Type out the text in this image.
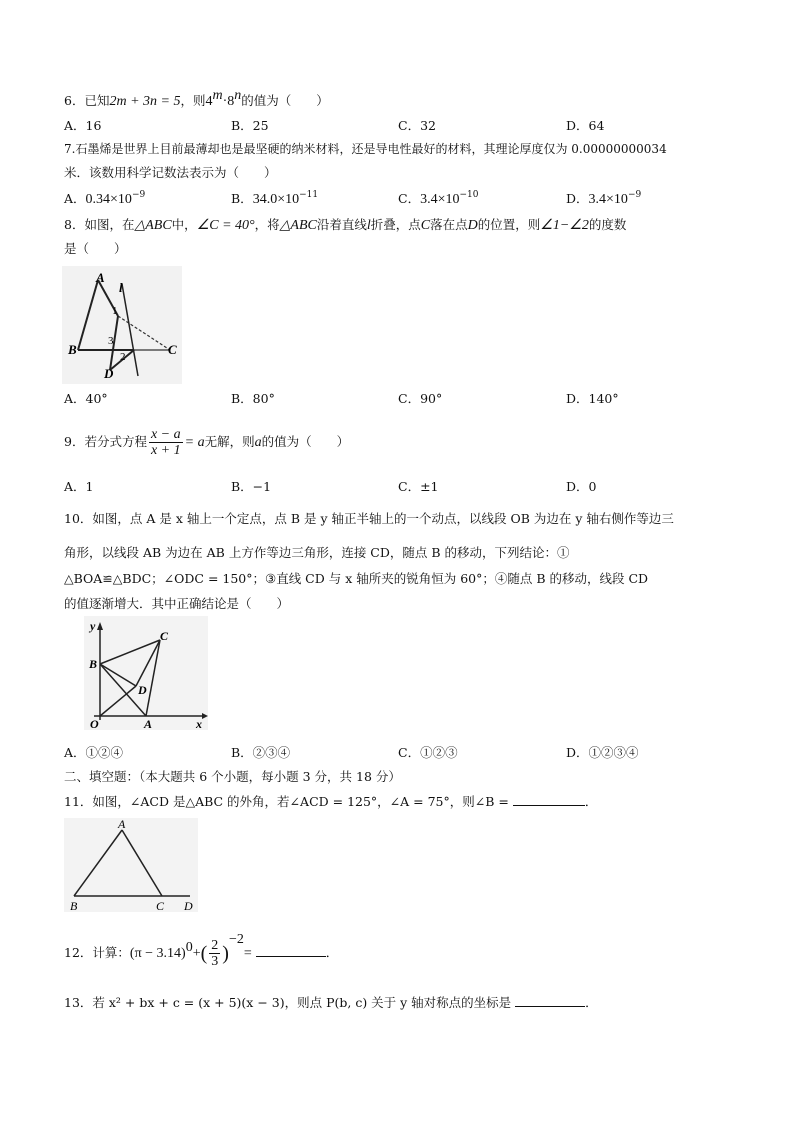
6．已知2m + 3n = 5，则$4^m\cdot 8^n$的值为（　　）
A．16	B．25	C．32	D．64
7.石墨烯是世界上目前最薄却也是最坚硬的纳米材料，还是导电性最好的材料，其理论厚度仅为 0.00000000034
米．该数用科学记数法表示为（　　）
A．$0.34\times 10^{-9}$	B．$34.0\times 10^{-11}$	C．$3.4\times 10^{-10}$	D．$3.4\times 10^{-9}$
8．如图，在△ABC中，∠C = 40°，将△ABC沿着直线l折叠，点C落在点D的位置，则∠1−∠2的度数
是（　　）
A
B	C
D
l
1
2
3
A．40°	B．80°	C．90°	D．140°
9．若分式方程 $\frac{x - a}{x + 1} = a$无解，则a的值为（　　）
A．1	B．−1	C．±1	D．0
10．如图，点 A 是 x 轴上一个定点，点 B 是 y 轴正半轴上的一个动点，以线段 OB 为边在 y 轴右侧作等边三
角形，以线段 AB 为边在 AB 上方作等边三角形，连接 CD，随点 B 的移动，下列结论：①
△BOA≌△BDC；∠ODC = 150°；③直线 CD 与 x 轴所夹的锐角恒为 60°；④随点 B 的移动，线段 CD
的值逐渐增大．其中正确结论是（　　）
y
x
O	A
B
C
D
A．①②④	B．②③④	C．①②③	D．①②③④
二、填空题：（本大题共 6 个小题，每小题 3 分，共 18 分）
11．如图，∠ACD 是△ABC 的外角，若∠ACD = 125°，∠A = 75°，则∠B =	．
A
B	C D
12．计算：$(\pi - 3.14)^0+( \frac{2}{3} )^{-2}=$	．
13．若 x² + bx + c = (x + 5)(x − 3)，则点 P(b, c) 关于 y 轴对称点的坐标是	．
